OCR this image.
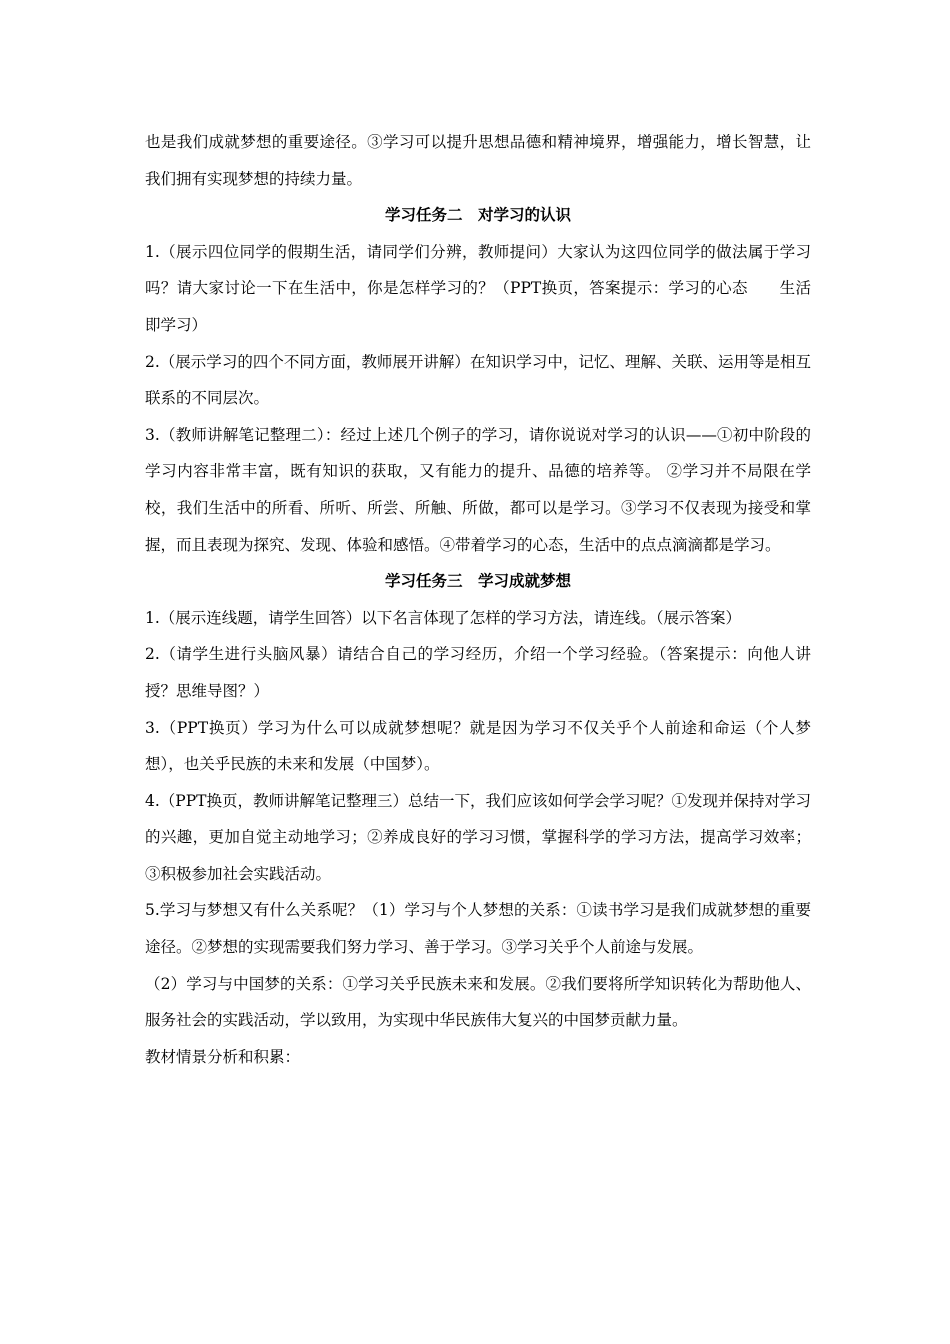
也是我们成就梦想的重要途径。③学习可以提升思想品德和精神境界，增强能力，增长智慧，让我们拥有实现梦想的持续力量。

学习任务二　对学习的认识

1.（展示四位同学的假期生活，请同学们分辨，教师提问）大家认为这四位同学的做法属于学习吗？请大家讨论一下在生活中，你是怎样学习的？（PPT换页，答案提示：学习的心态　　生活即学习）

2.（展示学习的四个不同方面，教师展开讲解）在知识学习中，记忆、理解、关联、运用等是相互联系的不同层次。

3.（教师讲解笔记整理二）：经过上述几个例子的学习，请你说说对学习的认识——①初中阶段的学习内容非常丰富，既有知识的获取，又有能力的提升、品德的培养等。 ②学习并不局限在学校，我们生活中的所看、所听、所尝、所触、所做，都可以是学习。③学习不仅表现为接受和掌握，而且表现为探究、发现、体验和感悟。④带着学习的心态，生活中的点点滴滴都是学习。

学习任务三　学习成就梦想

1.（展示连线题，请学生回答）以下名言体现了怎样的学习方法，请连线。（展示答案）

2.（请学生进行头脑风暴）请结合自己的学习经历，介绍一个学习经验。（答案提示：向他人讲授？思维导图？）

3.（PPT换页）学习为什么可以成就梦想呢？就是因为学习不仅关乎个人前途和命运（个人梦想），也关乎民族的未来和发展（中国梦）。

4.（PPT换页，教师讲解笔记整理三）总结一下，我们应该如何学会学习呢？①发现并保持对学习的兴趣，更加自觉主动地学习；②养成良好的学习习惯，掌握科学的学习方法，提高学习效率；③积极参加社会实践活动。

5.学习与梦想又有什么关系呢？（1）学习与个人梦想的关系：①读书学习是我们成就梦想的重要途径。②梦想的实现需要我们努力学习、善于学习。③学习关乎个人前途与发展。

（2）学习与中国梦的关系：①学习关乎民族未来和发展。②我们要将所学知识转化为帮助他人、服务社会的实践活动，学以致用，为实现中华民族伟大复兴的中国梦贡献力量。

教材情景分析和积累：
